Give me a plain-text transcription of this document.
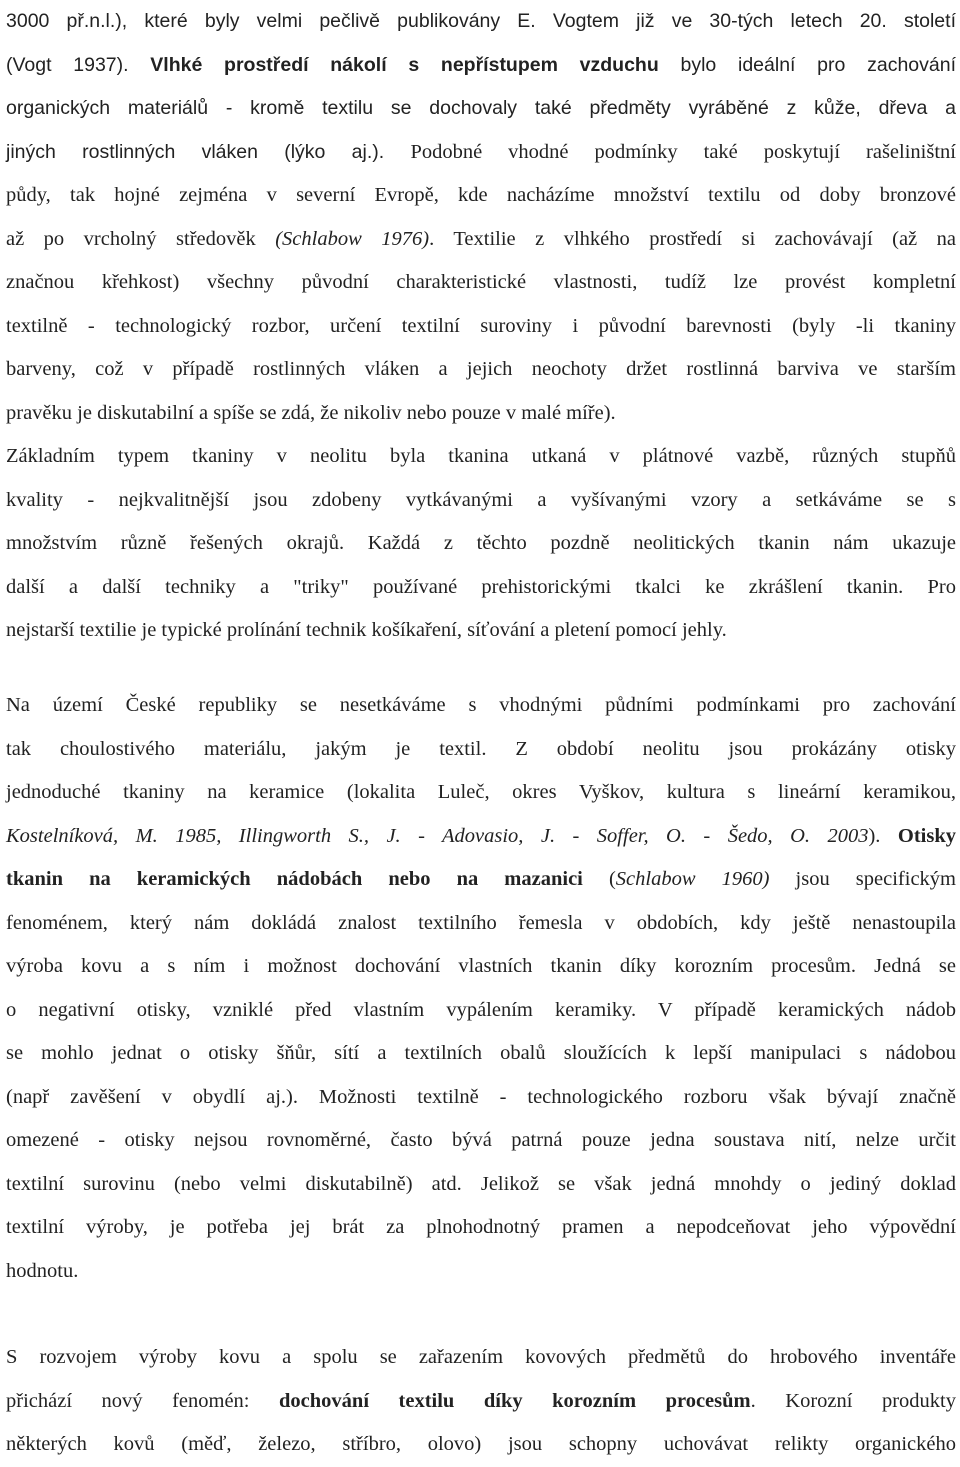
3000 př.n.l.), které byly velmi pečlivě publikovány E. Vogtem již ve 30-tých letech 20. století
(Vogt 1937). Vlhké prostředí nákolí s nepřístupem vzduchu bylo ideální pro zachování
organických materiálů - kromě textilu se dochovaly také předměty vyráběné z kůže, dřeva a
jiných rostlinných vláken (lýko aj.). Podobné vhodné podmínky také poskytují rašeliništní
půdy, tak hojné zejména v severní Evropě, kde nacházíme množství textilu od doby bronzové
až po vrcholný středověk (Schlabow 1976). Textilie z vlhkého prostředí si zachovávají (až na
značnou křehkost) všechny původní charakteristické vlastnosti, tudíž lze provést kompletní
textilně - technologický rozbor, určení textilní suroviny i původní barevnosti (byly -li tkaniny
barveny, což v případě rostlinných vláken a jejich neochoty držet rostlinná barviva ve starším
pravěku je diskutabilní a spíše se zdá, že nikoliv nebo pouze v malé míře).
Základním typem tkaniny v neolitu byla tkanina utkaná v plátnové vazbě, různých stupňů
kvality - nejkvalitnější jsou zdobeny vytkávanými a vyšívanými vzory a setkáváme se s
množstvím různě řešených okrajů. Každá z těchto pozdně neolitických tkanin nám ukazuje
další a další techniky a "triky" používané prehistorickými tkalci ke zkrášlení tkanin. Pro
nejstarší textilie je typické prolínání technik košíkaření, síťování a pletení pomocí jehly.
Na území České republiky se nesetkáváme s vhodnými půdními podmínkami pro zachování
tak choulostivého materiálu, jakým je textil. Z období neolitu jsou prokázány otisky
jednoduché tkaniny na keramice (lokalita Luleč, okres Vyškov, kultura s lineární keramikou,
Kostelníková, M. 1985, Illingworth S., J. - Adovasio, J. - Soffer, O. - Šedo, O. 2003). Otisky
tkanin na keramických nádobách nebo na mazanici (Schlabow 1960) jsou specifickým
fenoménem, který nám dokládá znalost textilního řemesla v obdobích, kdy ještě nenastoupila
výroba kovu a s ním i možnost dochování vlastních tkanin díky korozním procesům. Jedná se
o negativní otisky, vzniklé před vlastním vypálením keramiky. V případě keramických nádob
se mohlo jednat o otisky šňůr, sítí a textilních obalů sloužících k lepší manipulaci s nádobou
(např zavěšení v obydlí aj.). Možnosti textilně - technologického rozboru však bývají značně
omezené - otisky nejsou rovnoměrné, často bývá patrná pouze jedna soustava nití, nelze určit
textilní surovinu (nebo velmi diskutabilně) atd. Jelikož se však jedná mnohdy o jediný doklad
textilní výroby, je potřeba jej brát za plnohodnotný pramen a nepodceňovat jeho výpovědní
hodnotu.
S rozvojem výroby kovu a spolu se zařazením kovových předmětů do hrobového inventáře
přichází nový fenomén: dochování textilu díky korozním procesům. Korozní produkty
některých kovů (měď, železo, stříbro, olovo) jsou schopny uchovávat relikty organického
